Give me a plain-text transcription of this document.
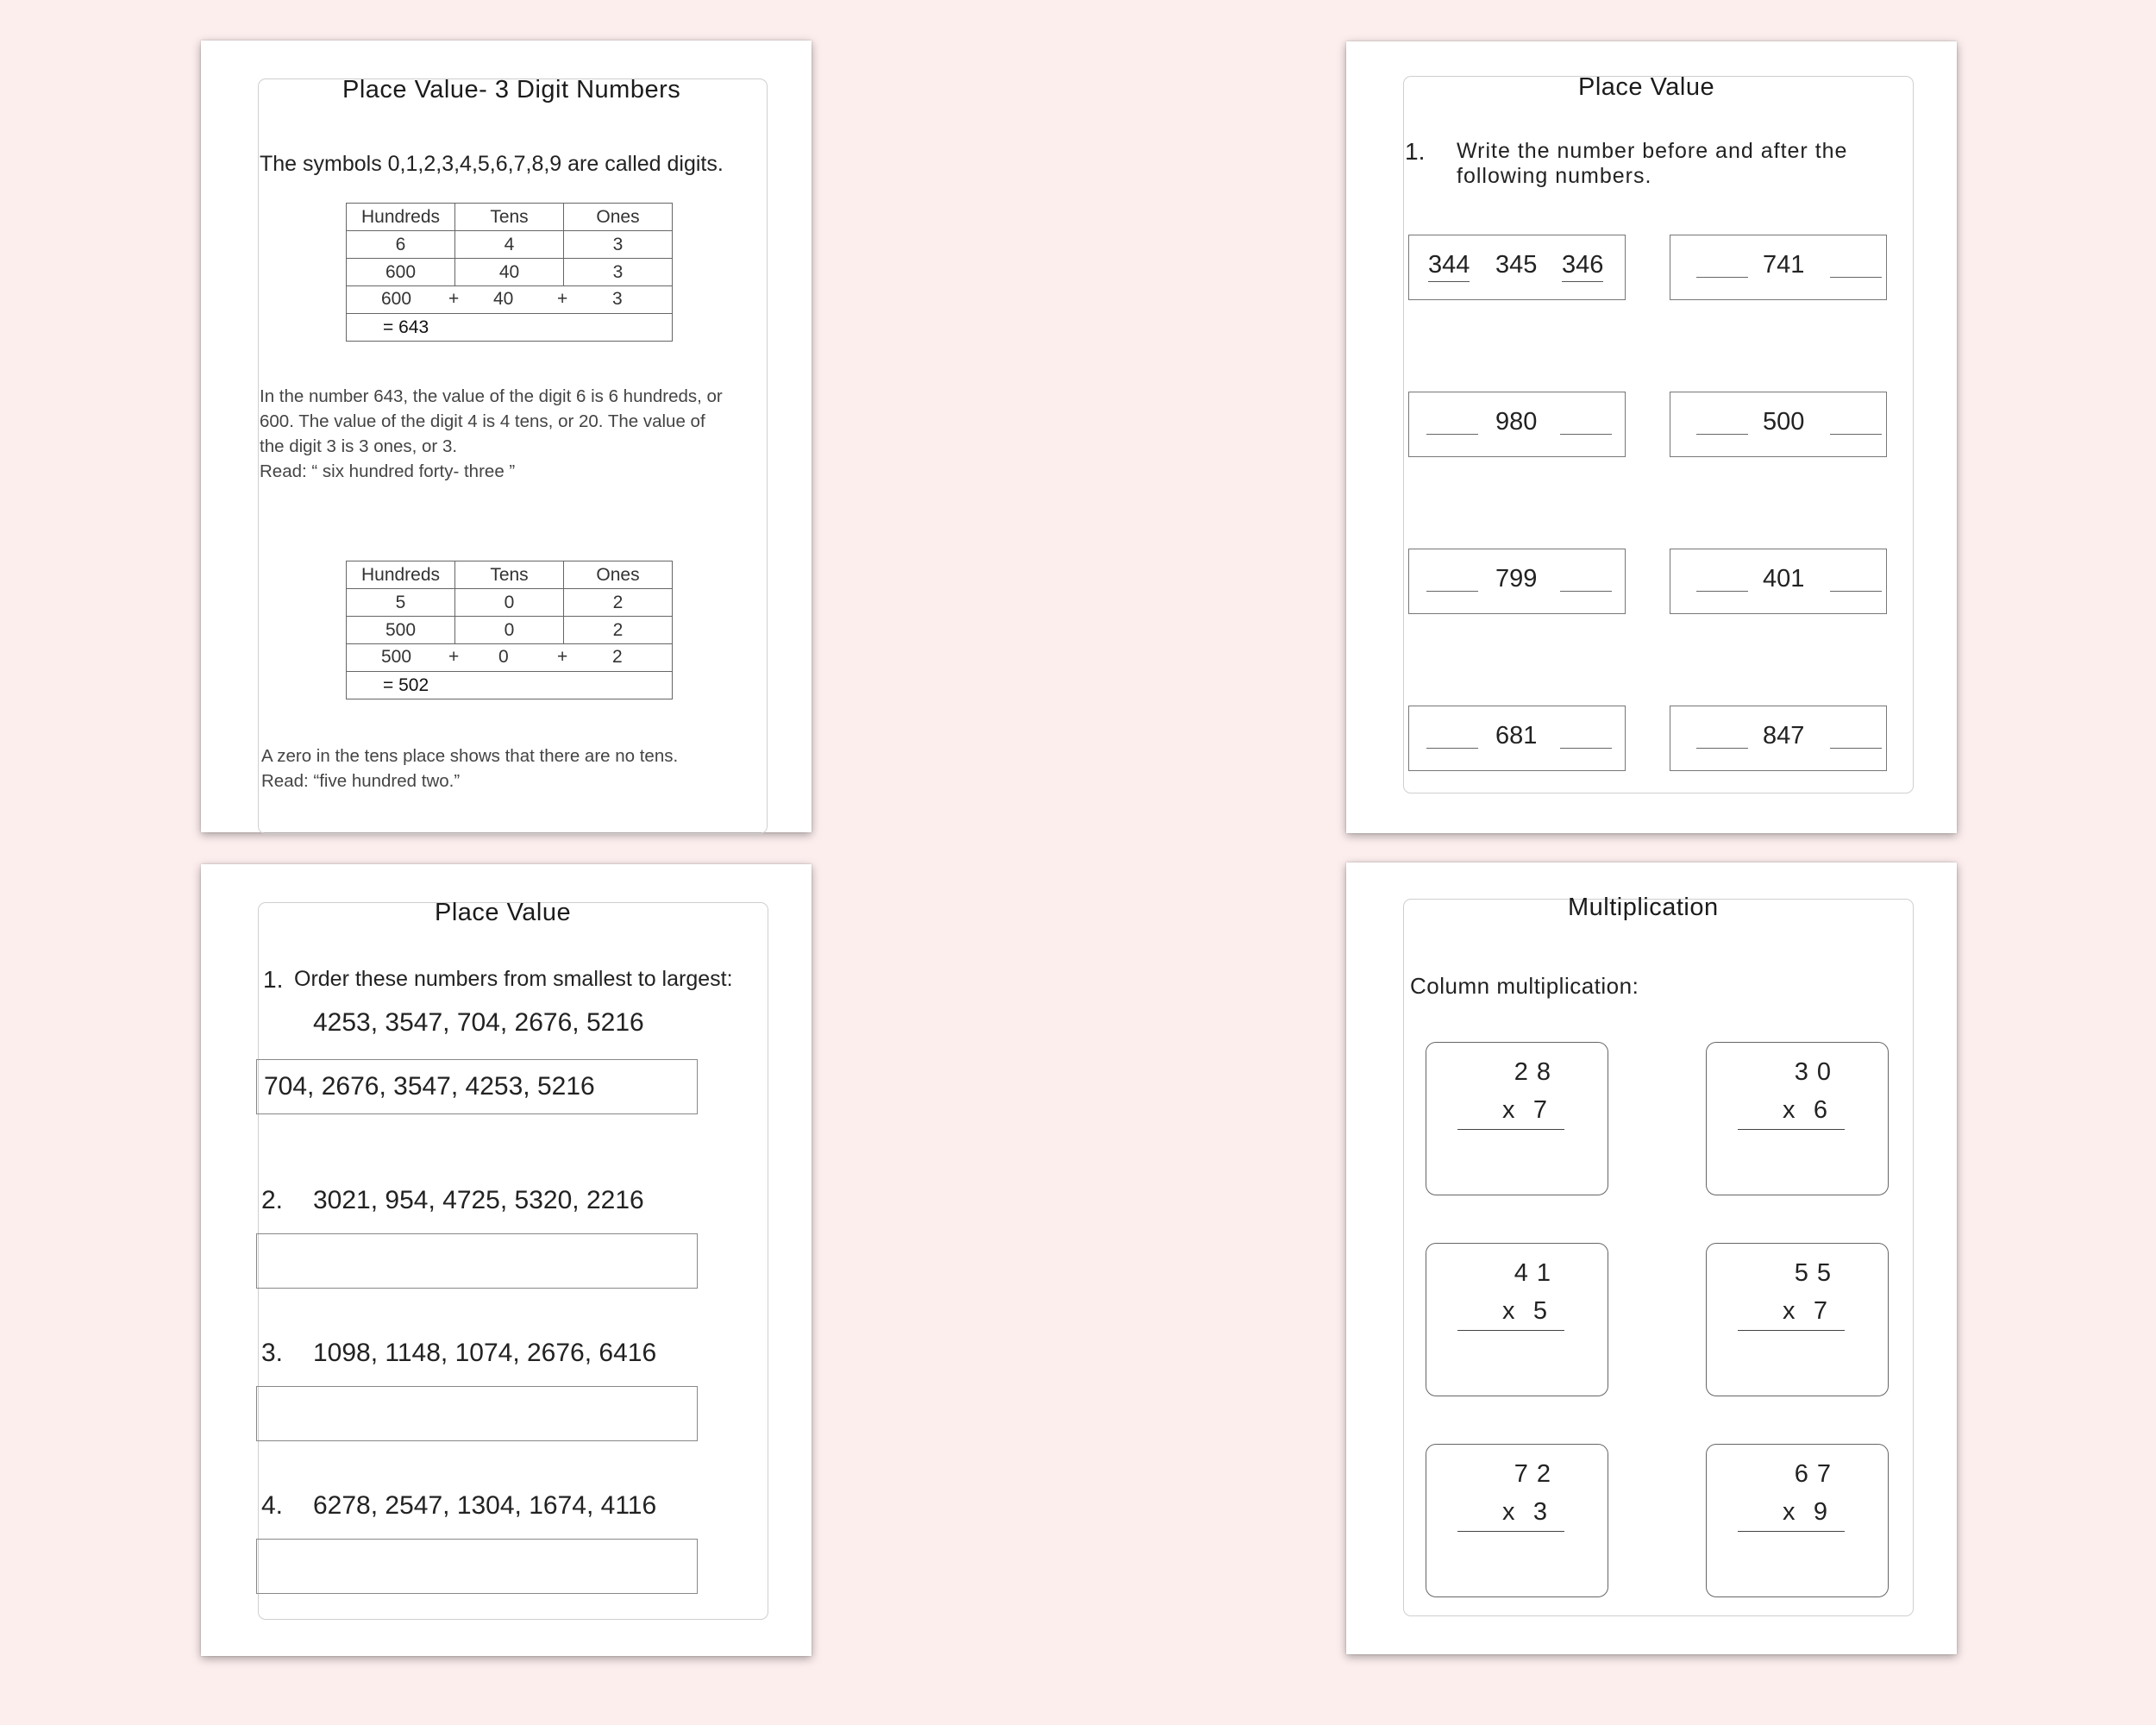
Place Value- 3 Digit Numbers
The symbols 0,1,2,3,4,5,6,7,8,9 are called digits.
Hundreds	Tens	Ones
6	4	3
600	40	3

600 + 40 + 3		

= 643		
In the number 643, the value of the digit 6 is 6 hundreds, or
600. The value of the digit 4 is 4 tens, or 20. The value of
the digit 3 is 3 ones, or 3.
Read: “ six hundred forty- three ”
Hundreds	Tens	Ones
5	0	2
500	0	2

500 + 0 + 2		

= 502		
A zero in the tens place shows that there are no tens.
Read: “five hundred two.”
Place Value
1. Write the number before and after the
following numbers.
344 345 346	741
980	500
799	401
681	847
Place Value
1. Order these numbers from smallest to largest:
4253, 3547, 704, 2676, 5216
704, 2676, 3547, 4253, 5216
2. 3021, 954, 4725, 5320, 2216
3. 1098, 1148, 1074, 2676, 6416
4. 6278, 2547, 1304, 1674, 4116
Multiplication
Column multiplication:
28
x 7
30
x 6
41
x 5
55
x 7
72
x 3
67
x 9
